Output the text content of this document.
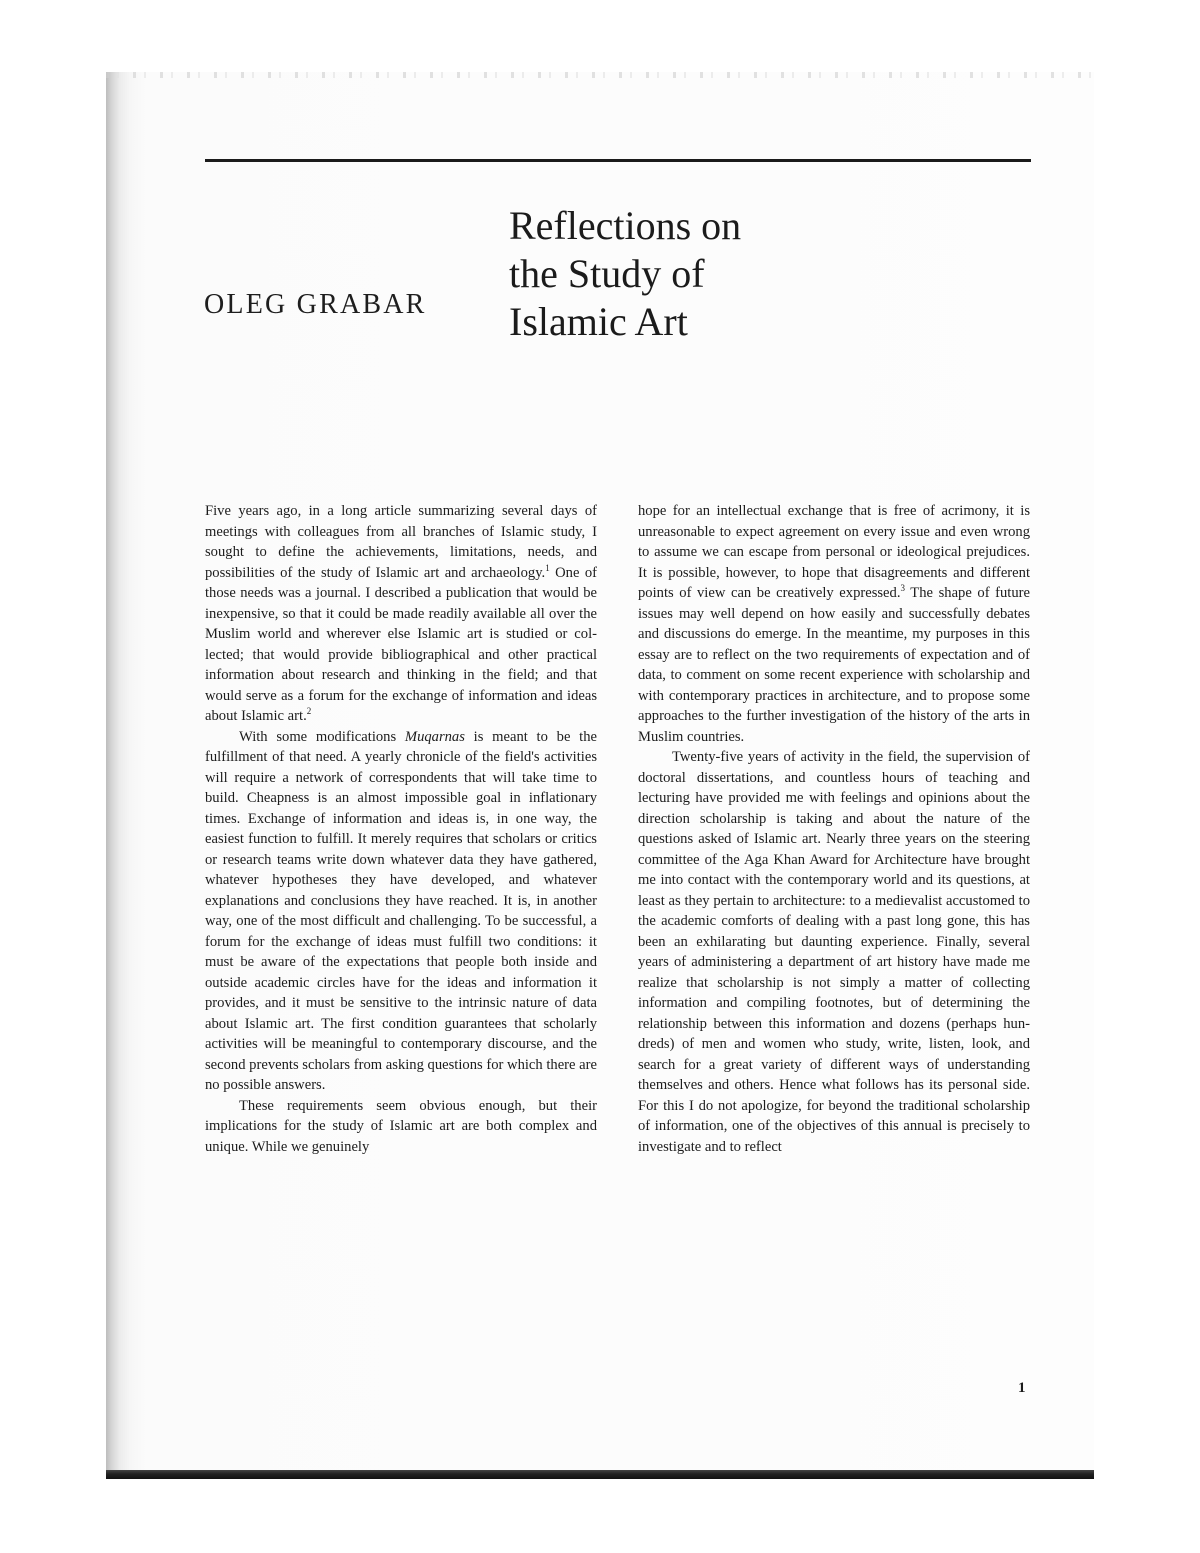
OLEG GRABAR
Reflections on
the Study of
Islamic Art

Five years ago, in a long article summarizing several days of meetings with colleagues from all branches of Islamic study, I sought to define the achievements, limitations, needs, and possibilities of the study of Islamic art and archaeology.$^1$ One of those needs was a journal. I described a publication that would be inexpensive, so that it could be made readily available all over the Muslim world and wherever else Islamic art is studied or collected; that would provide bibliographical and other practical information about research and thinking in the field; and that would serve as a forum for the exchange of information and ideas about Islamic art.$^2$

With some modifications Muqarnas is meant to be the fulfillment of that need. A yearly chronicle of the field's activities will require a network of correspondents that will take time to build. Cheapness is an almost impossible goal in inflationary times. Exchange of information and ideas is, in one way, the easiest function to fulfill. It merely requires that scholars or critics or research teams write down whatever data they have gathered, whatever hypotheses they have developed, and whatever explanations and conclusions they have reached. It is, in another way, one of the most difficult and challenging. To be successful, a forum for the exchange of ideas must fulfill two conditions: it must be aware of the expectations that people both inside and outside academic circles have for the ideas and information it provides, and it must be sensitive to the intrinsic nature of data about Islamic art. The first condition guarantees that scholarly activities will be meaningful to contemporary discourse, and the second prevents scholars from asking questions for which there are no possible answers.

These requirements seem obvious enough, but their implications for the study of Islamic art are both complex and unique. While we genuinely

hope for an intellectual exchange that is free of acrimony, it is unreasonable to expect agreement on every issue and even wrong to assume we can escape from personal or ideological prejudices. It is possible, however, to hope that disagreements and different points of view can be creatively expressed.$^3$ The shape of future issues may well depend on how easily and successfully debates and discussions do emerge. In the meantime, my purposes in this essay are to reflect on the two requirements of expectation and of data, to comment on some recent experience with scholarship and with contemporary practices in architecture, and to propose some approaches to the further investigation of the history of the arts in Muslim countries.

Twenty-five years of activity in the field, the supervision of doctoral dissertations, and countless hours of teaching and lecturing have provided me with feelings and opinions about the direction scholarship is taking and about the nature of the questions asked of Islamic art. Nearly three years on the steering committee of the Aga Khan Award for Architecture have brought me into contact with the contemporary world and its questions, at least as they pertain to architecture: to a medievalist accustomed to the academic comforts of dealing with a past long gone, this has been an exhilarating but daunting experience. Finally, several years of administering a department of art history have made me realize that scholarship is not simply a matter of collecting information and compiling footnotes, but of determining the relationship between this information and dozens (perhaps hundreds) of men and women who study, write, listen, look, and search for a great variety of different ways of understanding themselves and others. Hence what follows has its personal side. For this I do not apologize, for beyond the traditional scholarship of information, one of the objectives of this annual is precisely to investigate and to reflect

1
